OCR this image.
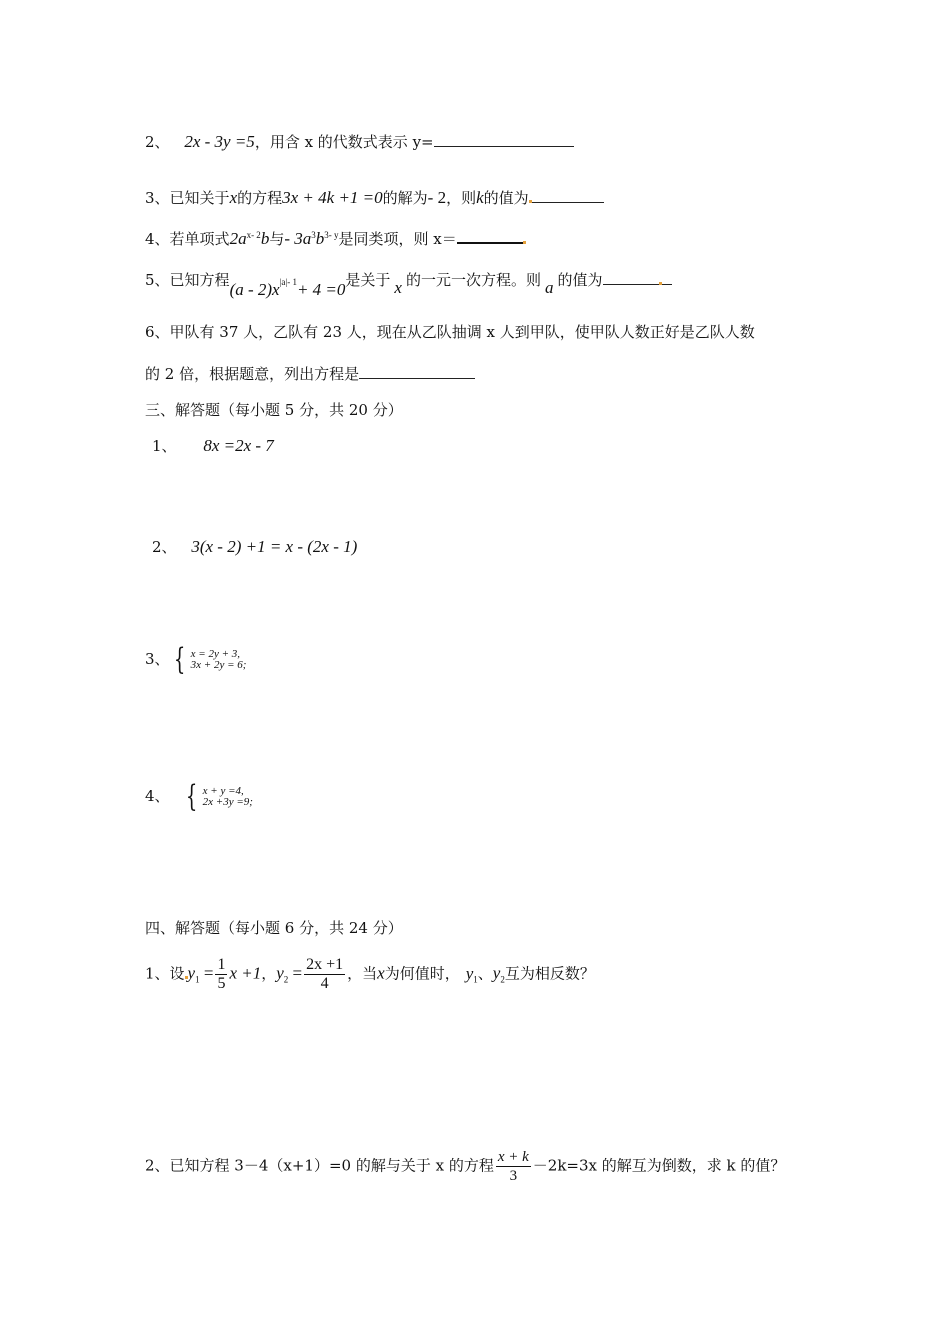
2、 2x - 3y =5，用含 x 的代数式表示 y=
3、已知关于x的方程3x + 4k +1 =0的解为- 2，则k的值为
4、若单项式$2a^{x- 2}b$与- $3a^3b^{3- y}$是同类项，则 x＝
5、已知方程$(a - 2)x^{|a|- 1}+ 4 =0$是关于 x 的一元一次方程。则 a 的值为
6、甲队有 37 人，乙队有 23 人，现在从乙队抽调 x 人到甲队，使甲队人数正好是乙队人数
的 2 倍，根据题意，列出方程是
三、解答题（每小题 5 分，共 20 分）
1、 8x =2x - 7
2、 3(x - 2) +1 = x - (2x - 1)
3、 { x = 2y + 3,
3x + 2y = 6;
4、 { x + y =4,
2x +3y =9;
四、解答题（每小题 6 分，共 24 分）
1、设 $y_1 = \frac{1}{5}$ x +1，$y_2 = \frac{2x +1}{4}$ ，当x为何值时， $y_1$、$y_2$互为相反数？
2、已知方程 3－4（x+1）=0 的解与关于 x 的方程 $\frac{x + k}{3} -2k=3x$ 的解互为倒数，求 k 的值？
